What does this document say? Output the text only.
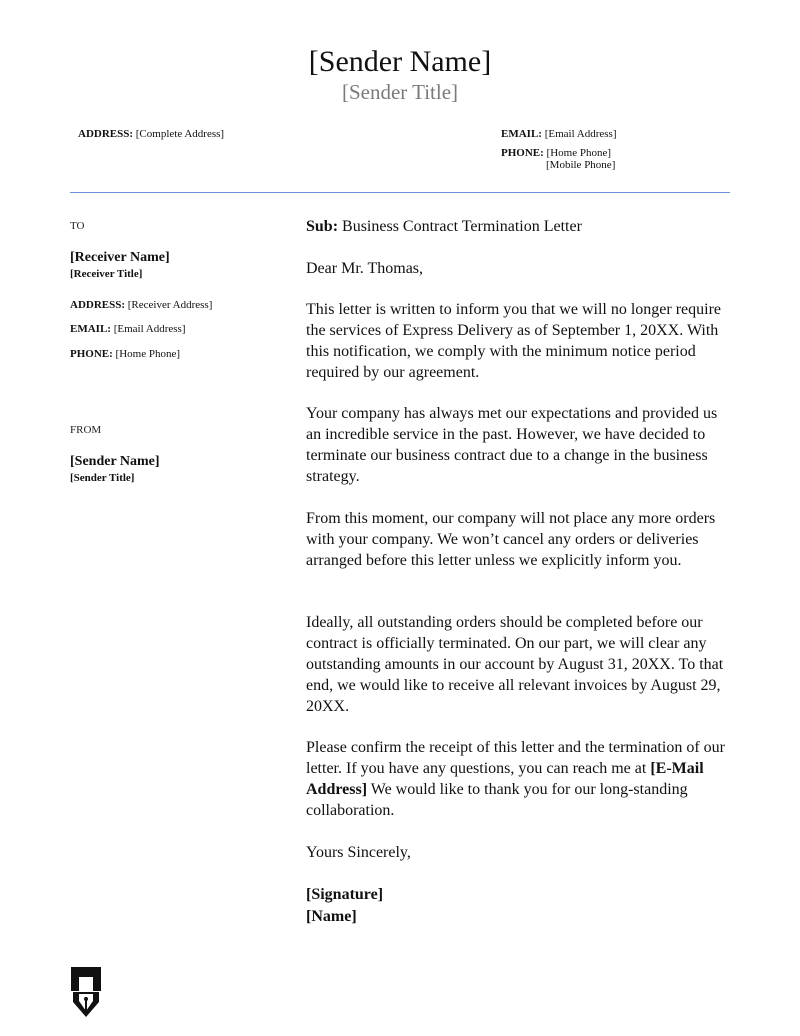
[Sender Name]
[Sender Title]
ADDRESS: [Complete Address]	EMAIL: [Email Address]
PHONE: [Home Phone]
[Mobile Phone]
TO
[Receiver Name]
[Receiver Title]
ADDRESS: [Receiver Address]
EMAIL: [Email Address]
PHONE: [Home Phone]
FROM
[Sender Name]
[Sender Title]
Sub: Business Contract Termination Letter

Dear Mr. Thomas,

This letter is written to inform you that we will no longer require the services of Express Delivery as of September 1, 20XX. With this notification, we comply with the minimum notice period required by our agreement.

Your company has always met our expectations and provided us an incredible service in the past. However, we have decided to terminate our business contract due to a change in the business strategy.

From this moment, our company will not place any more orders with your company. We won’t cancel any orders or deliveries arranged before this letter unless we explicitly inform you.

Ideally, all outstanding orders should be completed before our contract is officially terminated. On our part, we will clear any outstanding amounts in our account by August 31, 20XX. To that end, we would like to receive all relevant invoices by August 29, 20XX.

Please confirm the receipt of this letter and the termination of our letter. If you have any questions, you can reach me at [E-Mail Address] We would like to thank you for our long-standing collaboration.

Yours Sincerely,

[Signature]

[Name]
